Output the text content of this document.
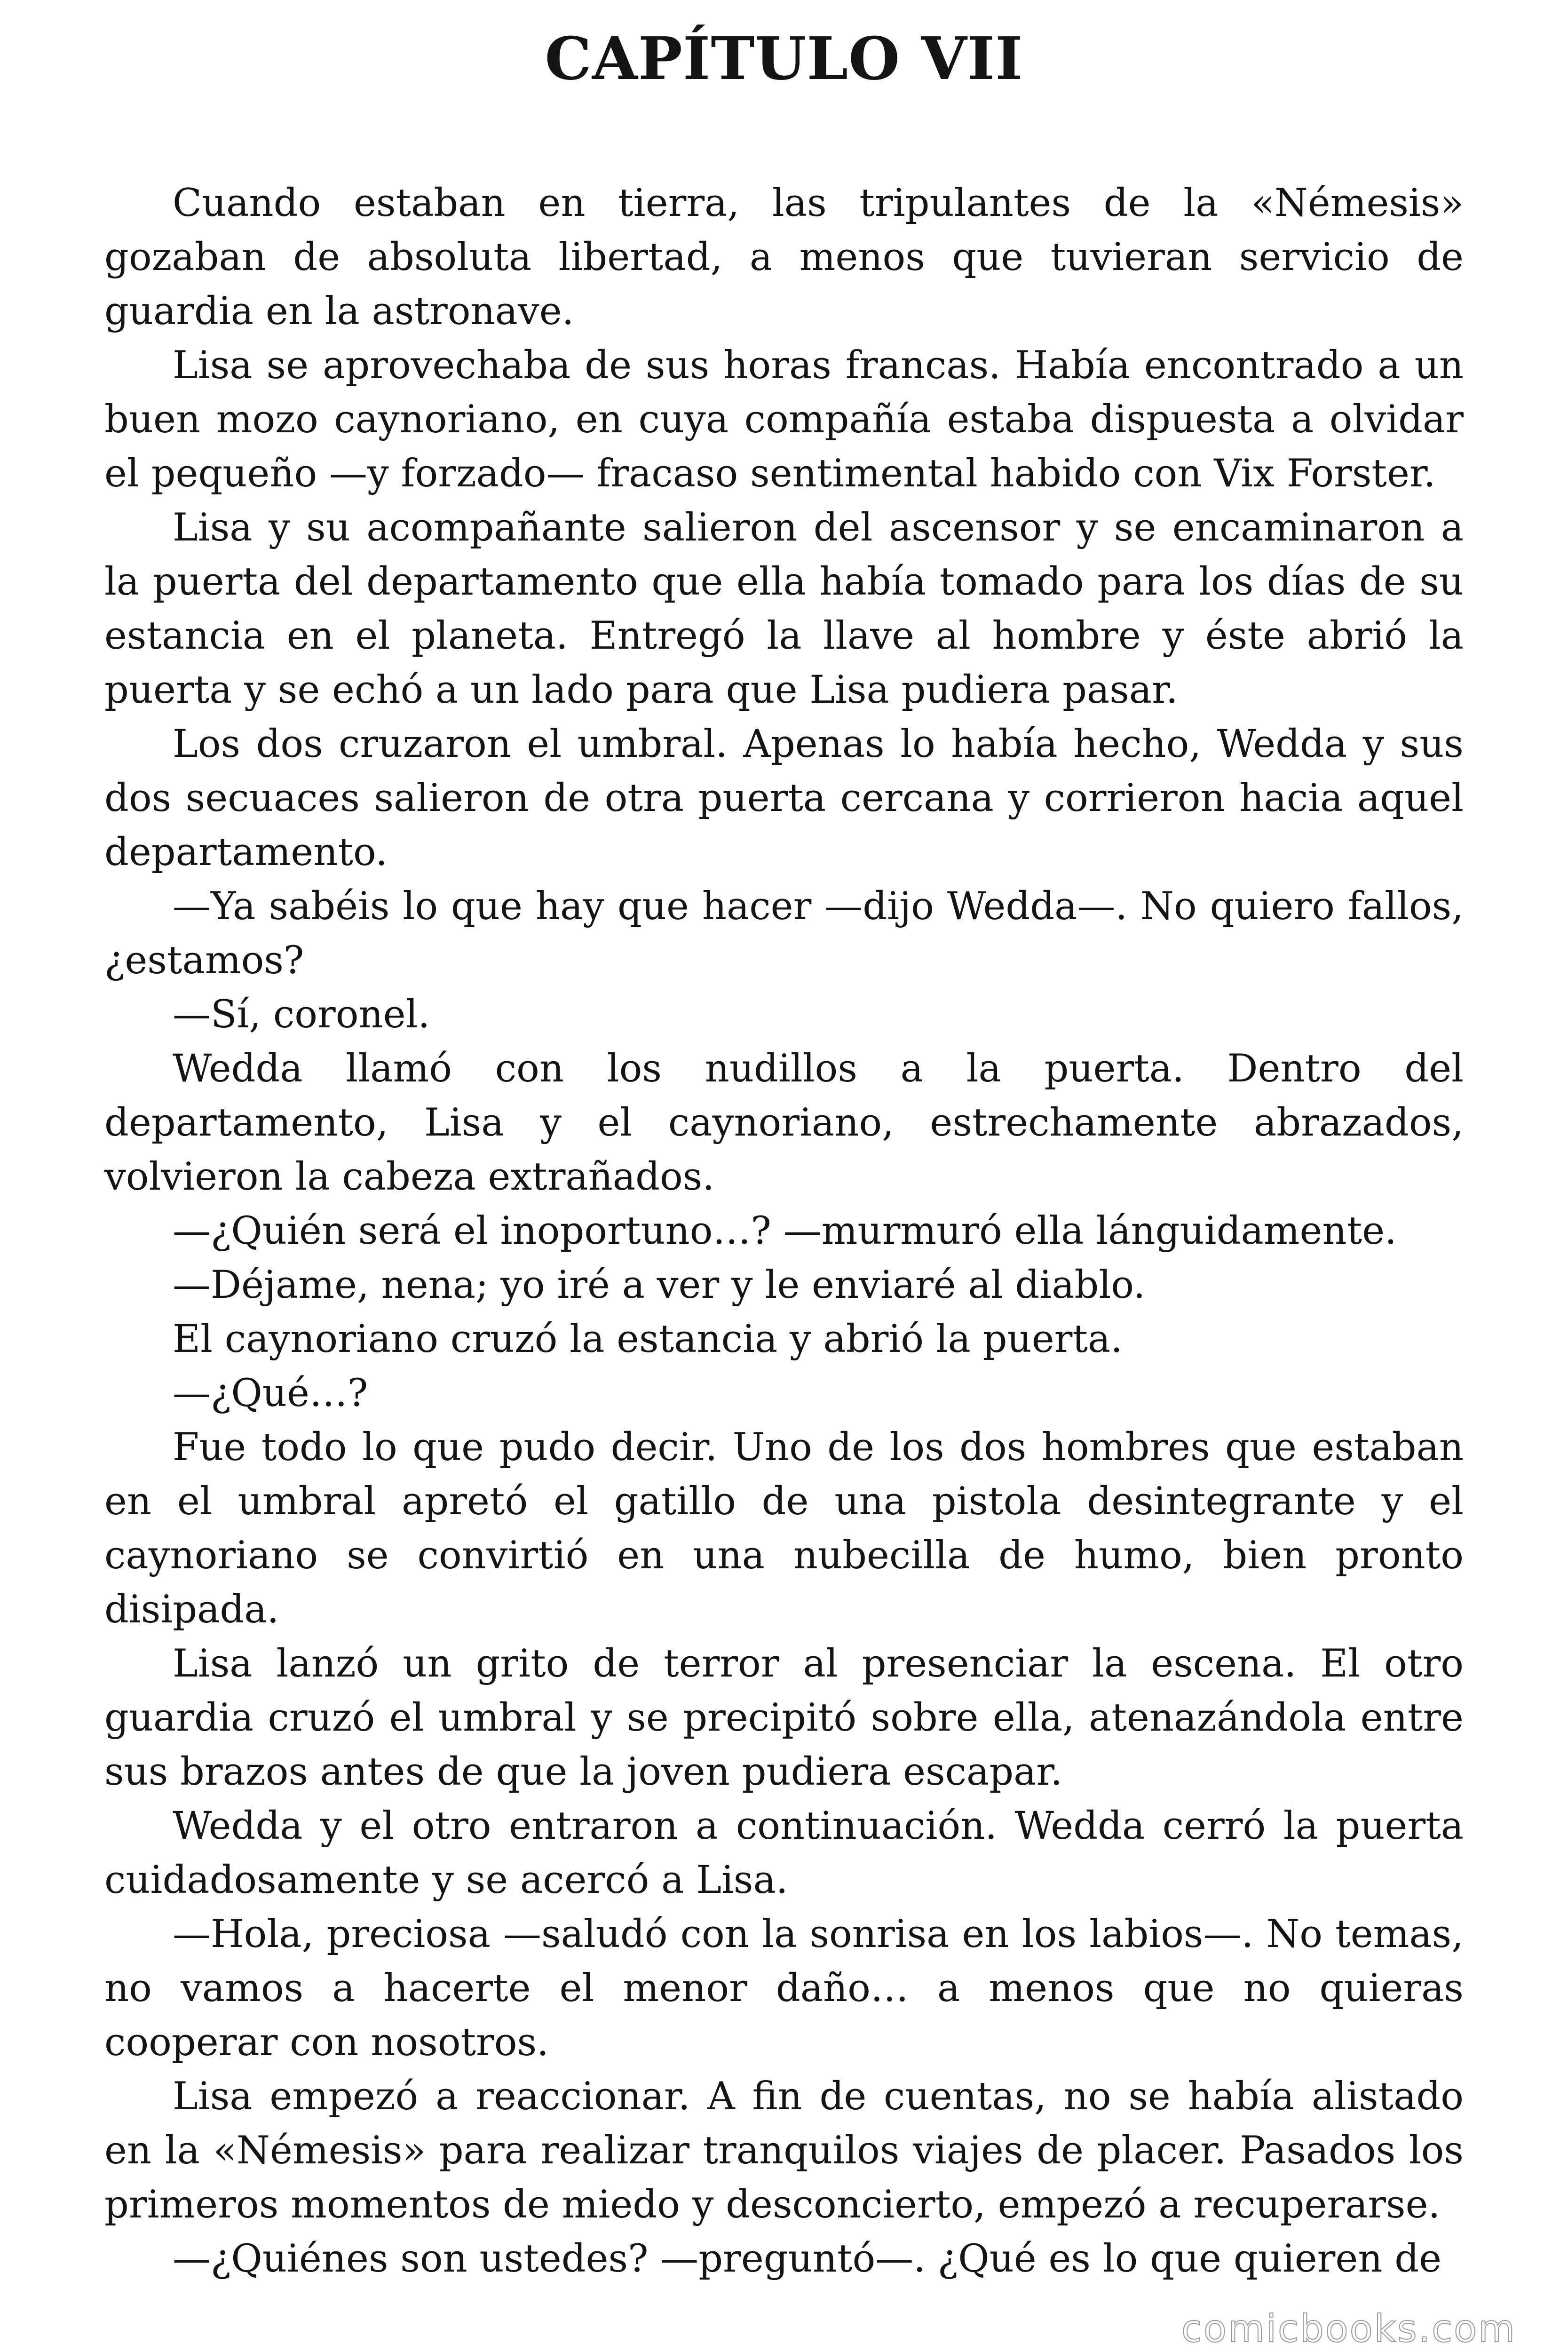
CAPÍTULO VII

Cuando estaban en tierra, las tripulantes de la «Némesis» gozaban de absoluta libertad, a menos que tuvieran servicio de guardia en la astronave.

Lisa se aprovechaba de sus horas francas. Había encontrado a un buen mozo caynoriano, en cuya compañía estaba dispuesta a olvidar el pequeño —y forzado— fracaso sentimental habido con Vix Forster.

Lisa y su acompañante salieron del ascensor y se encaminaron a la puerta del departamento que ella había tomado para los días de su estancia en el planeta. Entregó la llave al hombre y éste abrió la puerta y se echó a un lado para que Lisa pudiera pasar.

Los dos cruzaron el umbral. Apenas lo había hecho, Wedda y sus dos secuaces salieron de otra puerta cercana y corrieron hacia aquel departamento.

—Ya sabéis lo que hay que hacer —dijo Wedda—. No quiero fallos, ¿estamos?

—Sí, coronel.

Wedda llamó con los nudillos a la puerta. Dentro del departamento, Lisa y el caynoriano, estrechamente abrazados, volvieron la cabeza extrañados.

—¿Quién será el inoportuno…? —murmuró ella lánguidamente.

—Déjame, nena; yo iré a ver y le enviaré al diablo.

El caynoriano cruzó la estancia y abrió la puerta.

—¿Qué…?

Fue todo lo que pudo decir. Uno de los dos hombres que estaban en el umbral apretó el gatillo de una pistola desintegrante y el caynoriano se convirtió en una nubecilla de humo, bien pronto disipada.

Lisa lanzó un grito de terror al presenciar la escena. El otro guardia cruzó el umbral y se precipitó sobre ella, atenazándola entre sus brazos antes de que la joven pudiera escapar.

Wedda y el otro entraron a continuación. Wedda cerró la puerta cuidadosamente y se acercó a Lisa.

—Hola, preciosa —saludó con la sonrisa en los labios—. No temas, no vamos a hacerte el menor daño… a menos que no quieras cooperar con nosotros.

Lisa empezó a reaccionar. A fin de cuentas, no se había alistado en la «Némesis» para realizar tranquilos viajes de placer. Pasados los primeros momentos de miedo y desconcierto, empezó a recuperarse.

—¿Quiénes son ustedes? —preguntó—. ¿Qué es lo que quieren de

comicbooks.com
